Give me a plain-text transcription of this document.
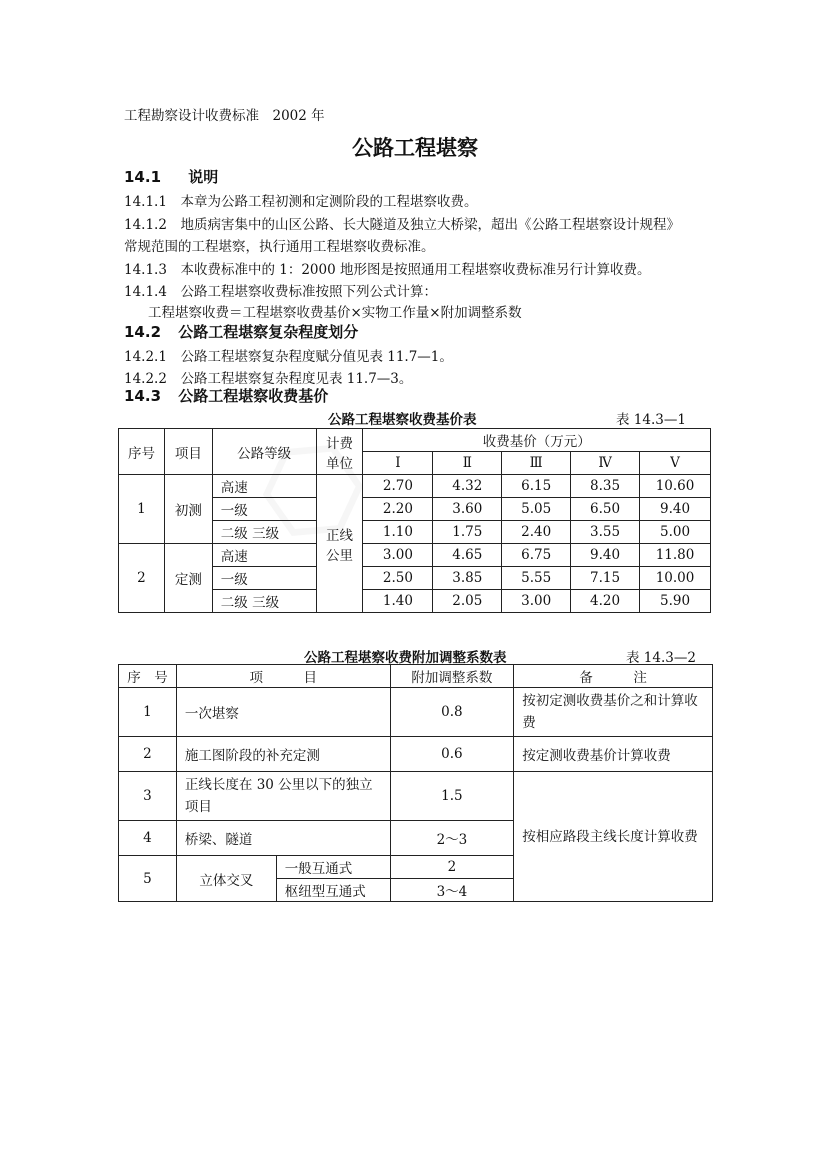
工程勘察设计收费标准　2002 年
公路工程堪察
14.1 说明
14.1.1　本章为公路工程初测和定测阶段的工程堪察收费。
14.1.2　地质病害集中的山区公路、长大隧道及独立大桥梁，超出《公路工程堪察设计规程》
常规范围的工程堪察，执行通用工程堪察收费标准。
14.1.3　本收费标准中的 1：2000 地形图是按照通用工程堪察收费标准另行计算收费。
14.1.4　公路工程堪察收费标准按照下列公式计算：
工程堪察收费＝工程堪察收费基价×实物工作量×附加调整系数
14.2 公路工程堪察复杂程度划分
14.2.1　公路工程堪察复杂程度赋分值见表 11.7—1。
14.2.2　公路工程堪察复杂程度见表 11.7—3。
14.3 公路工程堪察收费基价
公路工程堪察收费基价表	表 14.3—1
序号	项目	公路等级	计费单位	收费基价（万元）				
				Ⅰ	Ⅱ	Ⅲ	Ⅳ	Ⅴ
1	初测	高速	正线公里	2.70	4.32	6.15	8.35	10.60
		一级		2.20	3.60	5.05	6.50	9.40
		二级 三级		1.10	1.75	2.40	3.55	5.00
2	定测	高速		3.00	4.65	6.75	9.40	11.80
		一级		2.50	3.85	5.55	7.15	10.00
		二级 三级		1.40	2.05	3.00	4.20	5.90
公路工程堪察收费附加调整系数表	表 14.3—2
序　号	项　　　目		附加调整系数	备　　　注
1	一次堪察		0.8	按初定测收费基价之和计算收费
2	施工图阶段的补充定测		0.6	按定测收费基价计算收费
3	正线长度在 30 公里以下的独立项目		1.5	按相应路段主线长度计算收费
4	桥梁、隧道		2～3	
5	立体交叉	一般互通式	2	
		枢纽型互通式	3～4	
